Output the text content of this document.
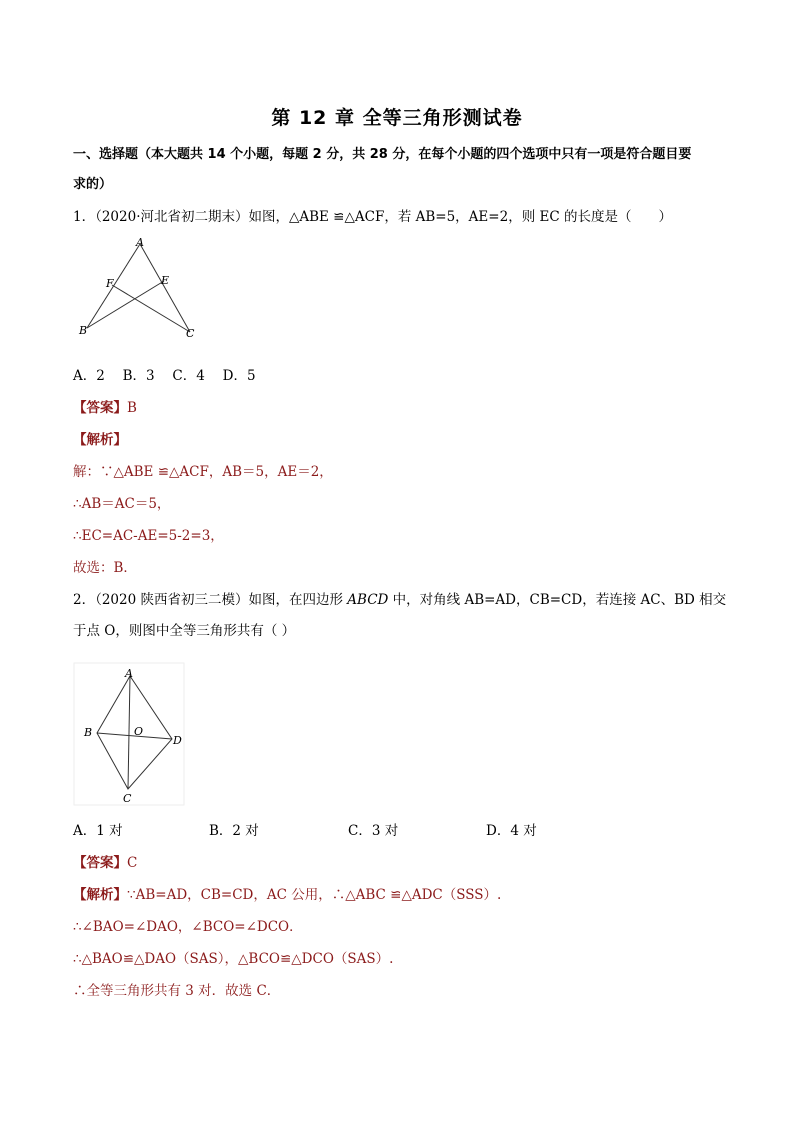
第 12 章 全等三角形测试卷
一、选择题（本大题共 14 个小题，每题 2 分，共 28 分，在每个小题的四个选项中只有一项是符合题目要
求的）
1．（2020·河北省初二期末）如图，△ABE ≌△ACF，若 AB=5，AE=2，则 EC 的长度是（　　）
A
F	E
B	C
A．2　 B．3　 C．4　 D．5
【答案】B
【解析】
解：∵△ABE ≌△ACF，AB＝5，AE＝2，
∴AB＝AC＝5，
∴EC=AC-AE=5-2=3，
故选：B．
2．（2020 陕西省初三二模）如图，在四边形 ABCD 中，对角线 AB=AD，CB=CD，若连接 AC、BD 相交
于点 O，则图中全等三角形共有（ ）
A
B	O
D
C
A．1 对	B．2 对	C．3 对	D．4 对
【答案】C
【解析】∵AB=AD，CB=CD，AC 公用，∴△ABC ≌△ADC（SSS）.
∴∠BAO=∠DAO，∠BCO=∠DCO．
∴△BAO≌△DAO（SAS），△BCO≌△DCO（SAS）.
∴全等三角形共有 3 对．故选 C．
